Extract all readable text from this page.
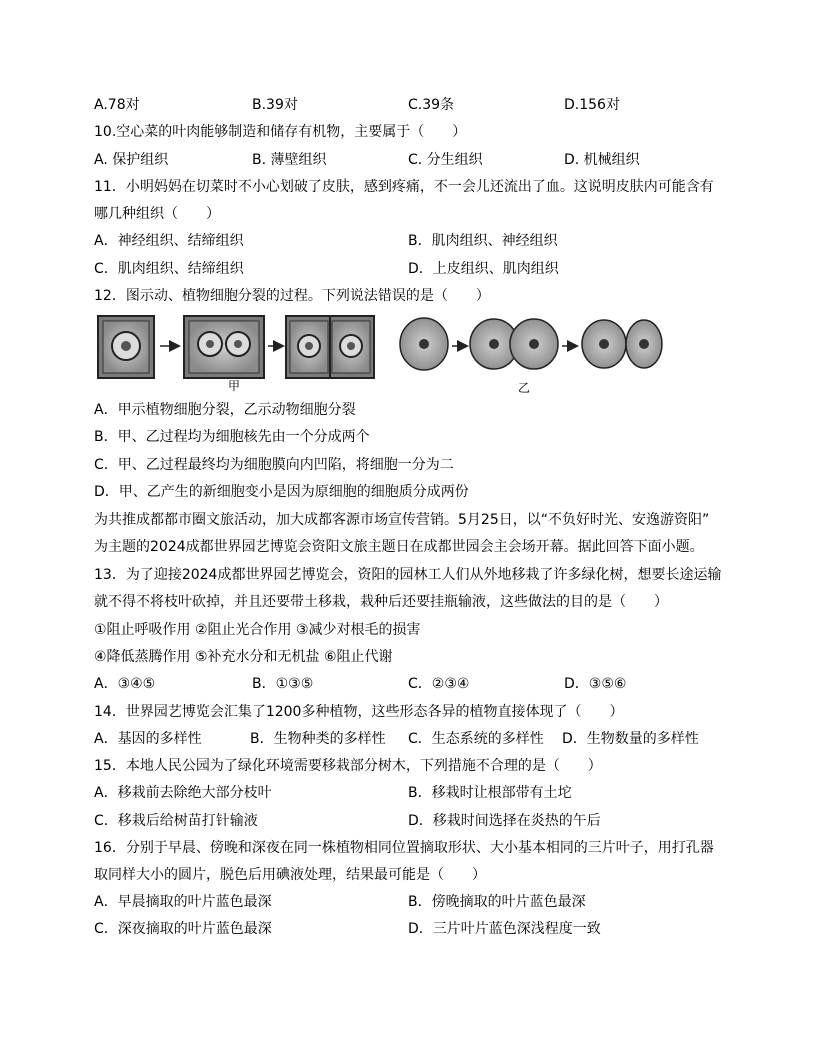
A.78对	B.39对	C.39条	D.156对
10.空心菜的叶肉能够制造和储存有机物，主要属于（　　）
A. 保护组织	B. 薄壁组织	C. 分生组织	D. 机械组织
11．小明妈妈在切菜时不小心划破了皮肤，感到疼痛，不一会儿还流出了血。这说明皮肤内可能含有
哪几种组织（　　）
A．神经组织、结缔组织	B．肌肉组织、神经组织
C．肌肉组织、结缔组织	D．上皮组织、肌肉组织
12．图示动、植物细胞分裂的过程。下列说法错误的是（　　）
甲	乙
A．甲示植物细胞分裂，乙示动物细胞分裂
B．甲、乙过程均为细胞核先由一个分成两个
C．甲、乙过程最终均为细胞膜向内凹陷，将细胞一分为二
D．甲、乙产生的新细胞变小是因为原细胞的细胞质分成两份
为共推成都都市圈文旅活动，加大成都客源市场宣传营销。5月25日，以“不负好时光、安逸游资阳”
为主题的2024成都世界园艺博览会资阳文旅主题日在成都世园会主会场开幕。据此回答下面小题。
13．为了迎接2024成都世界园艺博览会，资阳的园林工人们从外地移栽了许多绿化树，想要长途运输
就不得不将枝叶砍掉，并且还要带土移栽，栽种后还要挂瓶输液，这些做法的目的是（　　）
①阻止呼吸作用 ②阻止光合作用 ③减少对根毛的损害
④降低蒸腾作用 ⑤补充水分和无机盐 ⑥阻止代谢
A．③④⑤	B．①③⑤	C．②③④	D．③⑤⑥
14．世界园艺博览会汇集了1200多种植物，这些形态各异的植物直接体现了（　　）
A．基因的多样性	B．生物种类的多样性 C．生态系统的多样性 D．生物数量的多样性
15．本地人民公园为了绿化环境需要移栽部分树木，下列措施不合理的是（　　）
A．移栽前去除绝大部分枝叶	B．移栽时让根部带有土坨
C．移栽后给树苗打针输液	D．移栽时间选择在炎热的午后
16．分别于早晨、傍晚和深夜在同一株植物相同位置摘取形状、大小基本相同的三片叶子，用打孔器
取同样大小的圆片，脱色后用碘液处理，结果最可能是（　　）
A．早晨摘取的叶片蓝色最深	B．傍晚摘取的叶片蓝色最深
C．深夜摘取的叶片蓝色最深	D．三片叶片蓝色深浅程度一致
